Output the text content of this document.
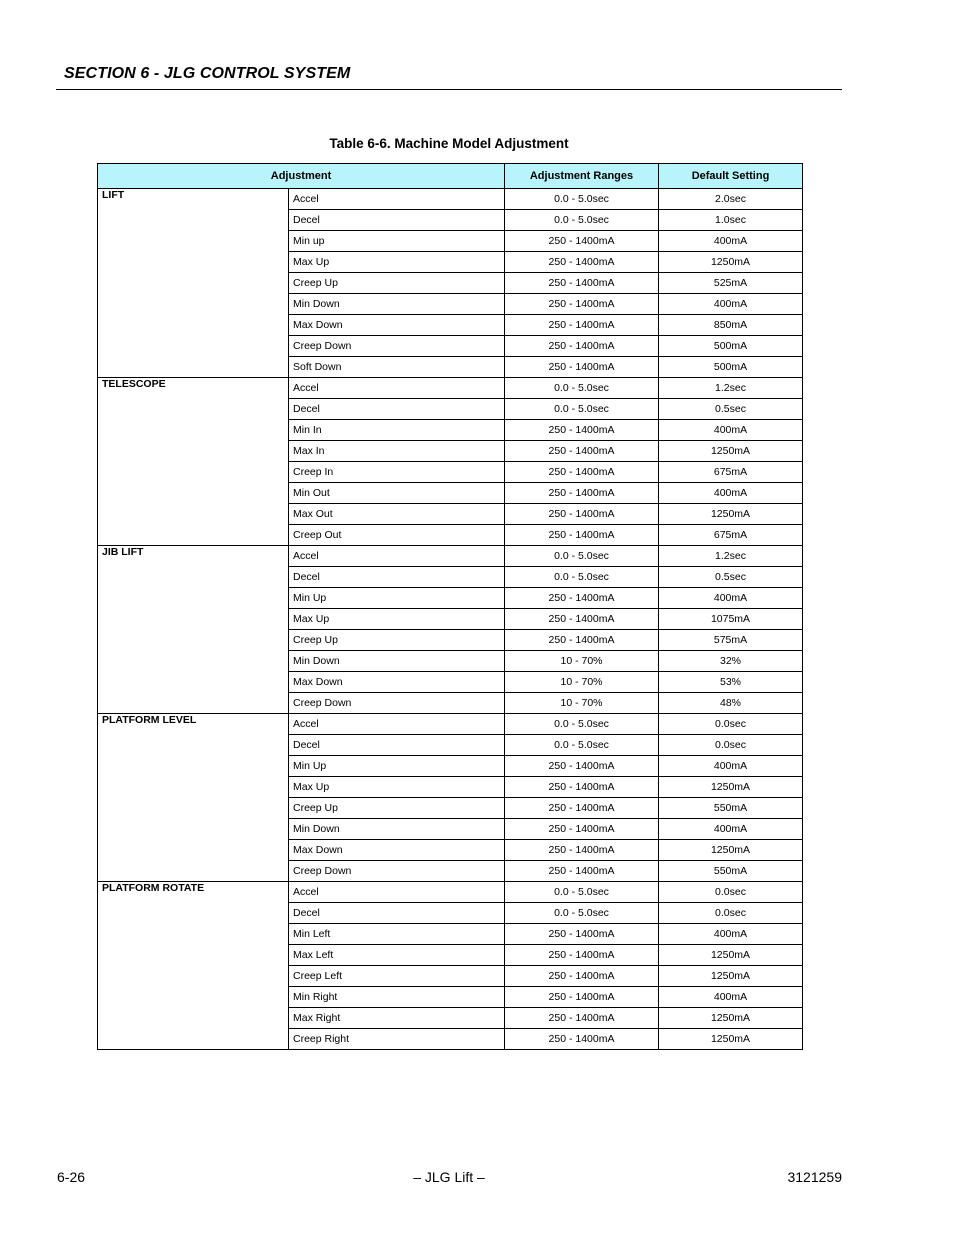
SECTION 6 - JLG CONTROL SYSTEM
Table 6-6. Machine Model Adjustment
Adjustment		Adjustment Ranges	Default Setting
LIFT	Accel	0.0 - 5.0sec	2.0sec
	Decel	0.0 - 5.0sec	1.0sec
	Min up	250 - 1400mA	400mA
	Max Up	250 - 1400mA	1250mA
	Creep Up	250 - 1400mA	525mA
	Min Down	250 - 1400mA	400mA
	Max Down	250 - 1400mA	850mA
	Creep Down	250 - 1400mA	500mA
	Soft Down	250 - 1400mA	500mA
TELESCOPE	Accel	0.0 - 5.0sec	1.2sec
	Decel	0.0 - 5.0sec	0.5sec
	Min In	250 - 1400mA	400mA
	Max In	250 - 1400mA	1250mA
	Creep In	250 - 1400mA	675mA
	Min Out	250 - 1400mA	400mA
	Max Out	250 - 1400mA	1250mA
	Creep Out	250 - 1400mA	675mA
JIB LIFT	Accel	0.0 - 5.0sec	1.2sec
	Decel	0.0 - 5.0sec	0.5sec
	Min Up	250 - 1400mA	400mA
	Max Up	250 - 1400mA	1075mA
	Creep Up	250 - 1400mA	575mA
	Min Down	10 - 70%	32%
	Max Down	10 - 70%	53%
	Creep Down	10 - 70%	48%
PLATFORM LEVEL	Accel	0.0 - 5.0sec	0.0sec
	Decel	0.0 - 5.0sec	0.0sec
	Min Up	250 - 1400mA	400mA
	Max Up	250 - 1400mA	1250mA
	Creep Up	250 - 1400mA	550mA
	Min Down	250 - 1400mA	400mA
	Max Down	250 - 1400mA	1250mA
	Creep Down	250 - 1400mA	550mA
PLATFORM ROTATE	Accel	0.0 - 5.0sec	0.0sec
	Decel	0.0 - 5.0sec	0.0sec
	Min Left	250 - 1400mA	400mA
	Max Left	250 - 1400mA	1250mA
	Creep Left	250 - 1400mA	1250mA
	Min Right	250 - 1400mA	400mA
	Max Right	250 - 1400mA	1250mA
	Creep Right	250 - 1400mA	1250mA
6-26	– JLG Lift –	3121259
